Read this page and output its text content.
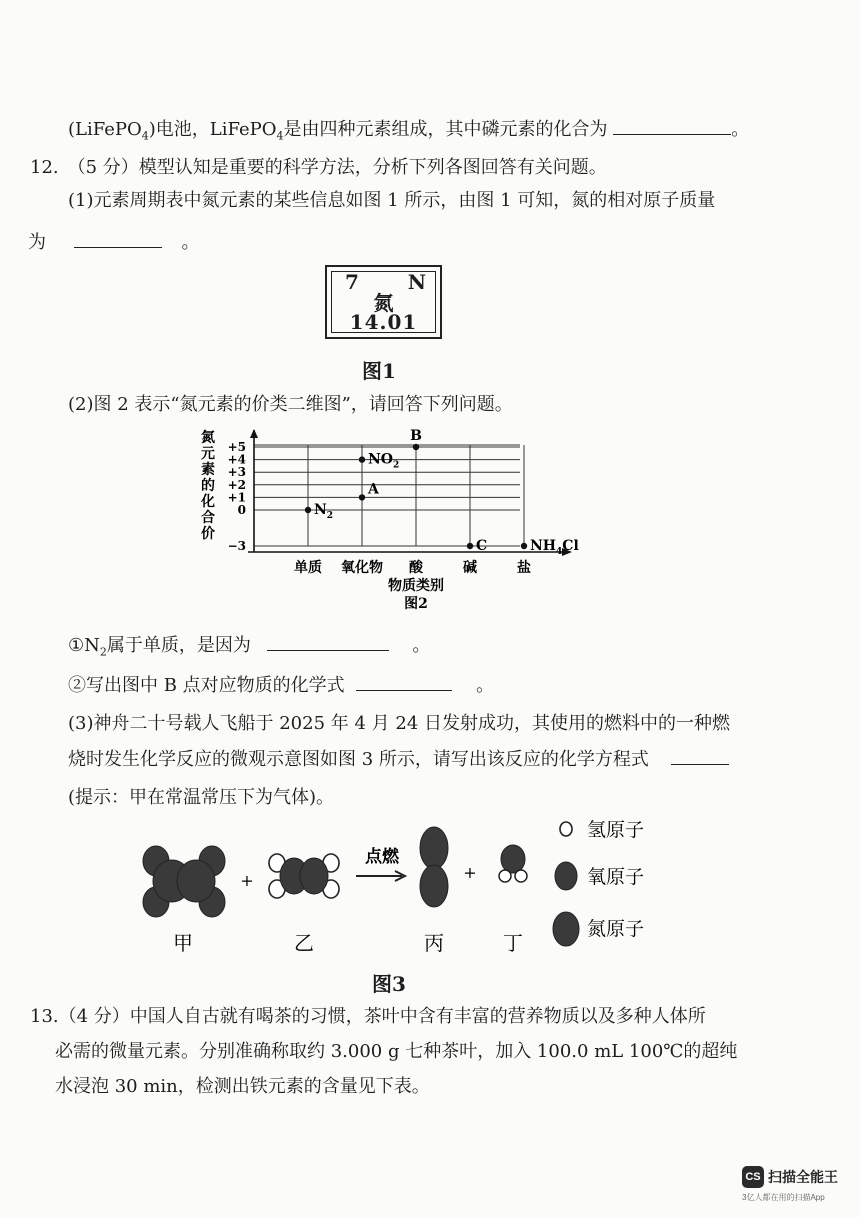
(LiFePO$_4$)电池，LiFePO$_4$是由四种元素组成，其中磷元素的化合为	。
12.　（5 分）模型认知是重要的科学方法，分析下列各图回答有关问题。
(1)元素周期表中氮元素的某些信息如图 1 所示，由图 1 可知，氮的相对原子质量
为	。
7 N
氮
14.01
图1
(2)图 2 表示“氮元素的价类二维图”，请回答下列问题。
+5
+4
+3
+2
+1
0
−3
氮
元
素
的
化
合
价
单质 氧化物 酸	碱	盐
物质类别
图2
$N_2$
$NO_2$
A
B
C	$NH_4Cl$
$①N_2$属于单质，是因为	。
②写出图中 B 点对应物质的化学式	。
(3)神舟二十号载人飞船于 2025 年 4 月 24 日发射成功，其使用的燃料中的一种燃
烧时发生化学反应的微观示意图如图 3 所示，请写出该反应的化学方程式
(提示：甲在常温常压下为气体)。
+
点燃
+
甲	乙	丙	丁
氢原子
氧原子
氮原子
图3
13.（4 分）中国人自古就有喝茶的习惯，茶叶中含有丰富的营养物质以及多种人体所
必需的微量元素。分别准确称取约 3.000 g 七种茶叶，加入 100.0 mL 100℃的超纯
水浸泡 30 min，检测出铁元素的含量见下表。
CS 扫描全能王
3亿人都在用的扫描App
